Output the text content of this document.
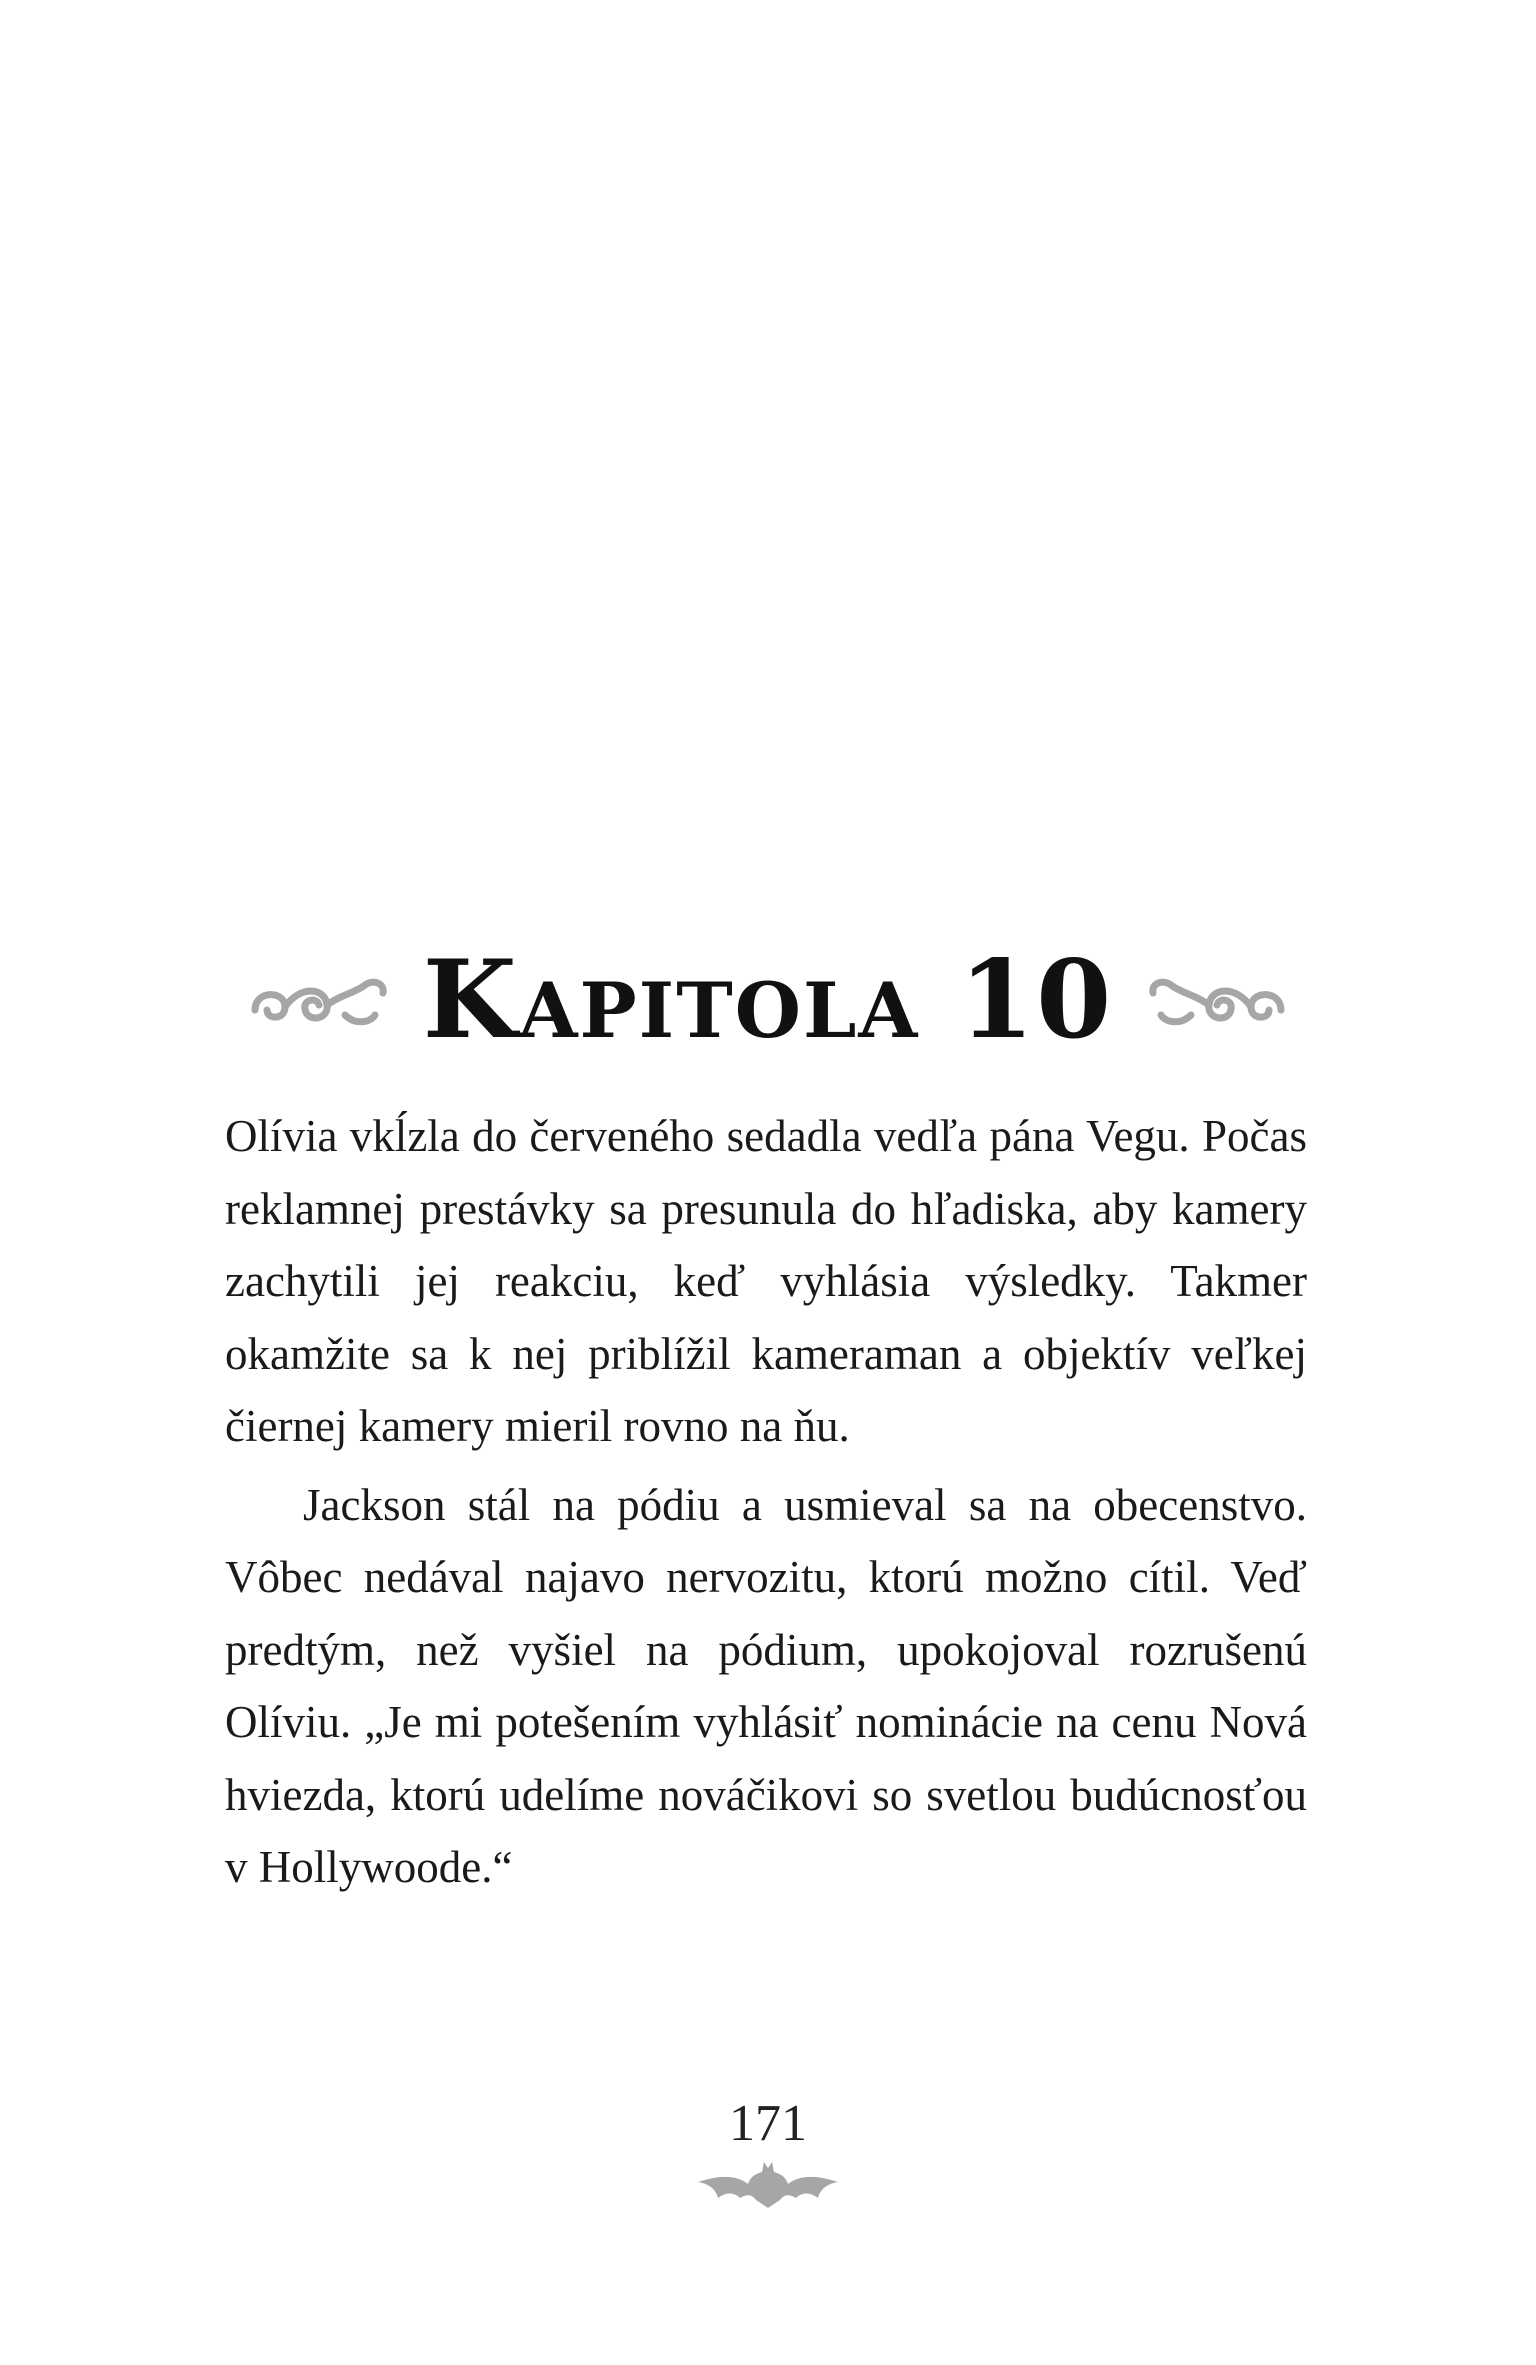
Kapitola 10

Olívia vkĺzla do červeného sedadla vedľa pána Vegu. Počas reklamnej prestávky sa presunula do hľadiska, aby kamery zachytili jej reakciu, keď vyhlásia výsledky. Takmer okamžite sa k nej priblížil kameraman a objektív veľkej čiernej kamery mieril rovno na ňu.

Jackson stál na pódiu a usmieval sa na obecenstvo. Vôbec nedával najavo nervozitu, ktorú možno cítil. Veď predtým, než vyšiel na pódium, upokojoval rozrušenú Olíviu. „Je mi potešením vyhlásiť nominácie na cenu Nová hviezda, ktorú udelíme nováčikovi so svetlou budúcnosťou v Hollywoode.“

171
